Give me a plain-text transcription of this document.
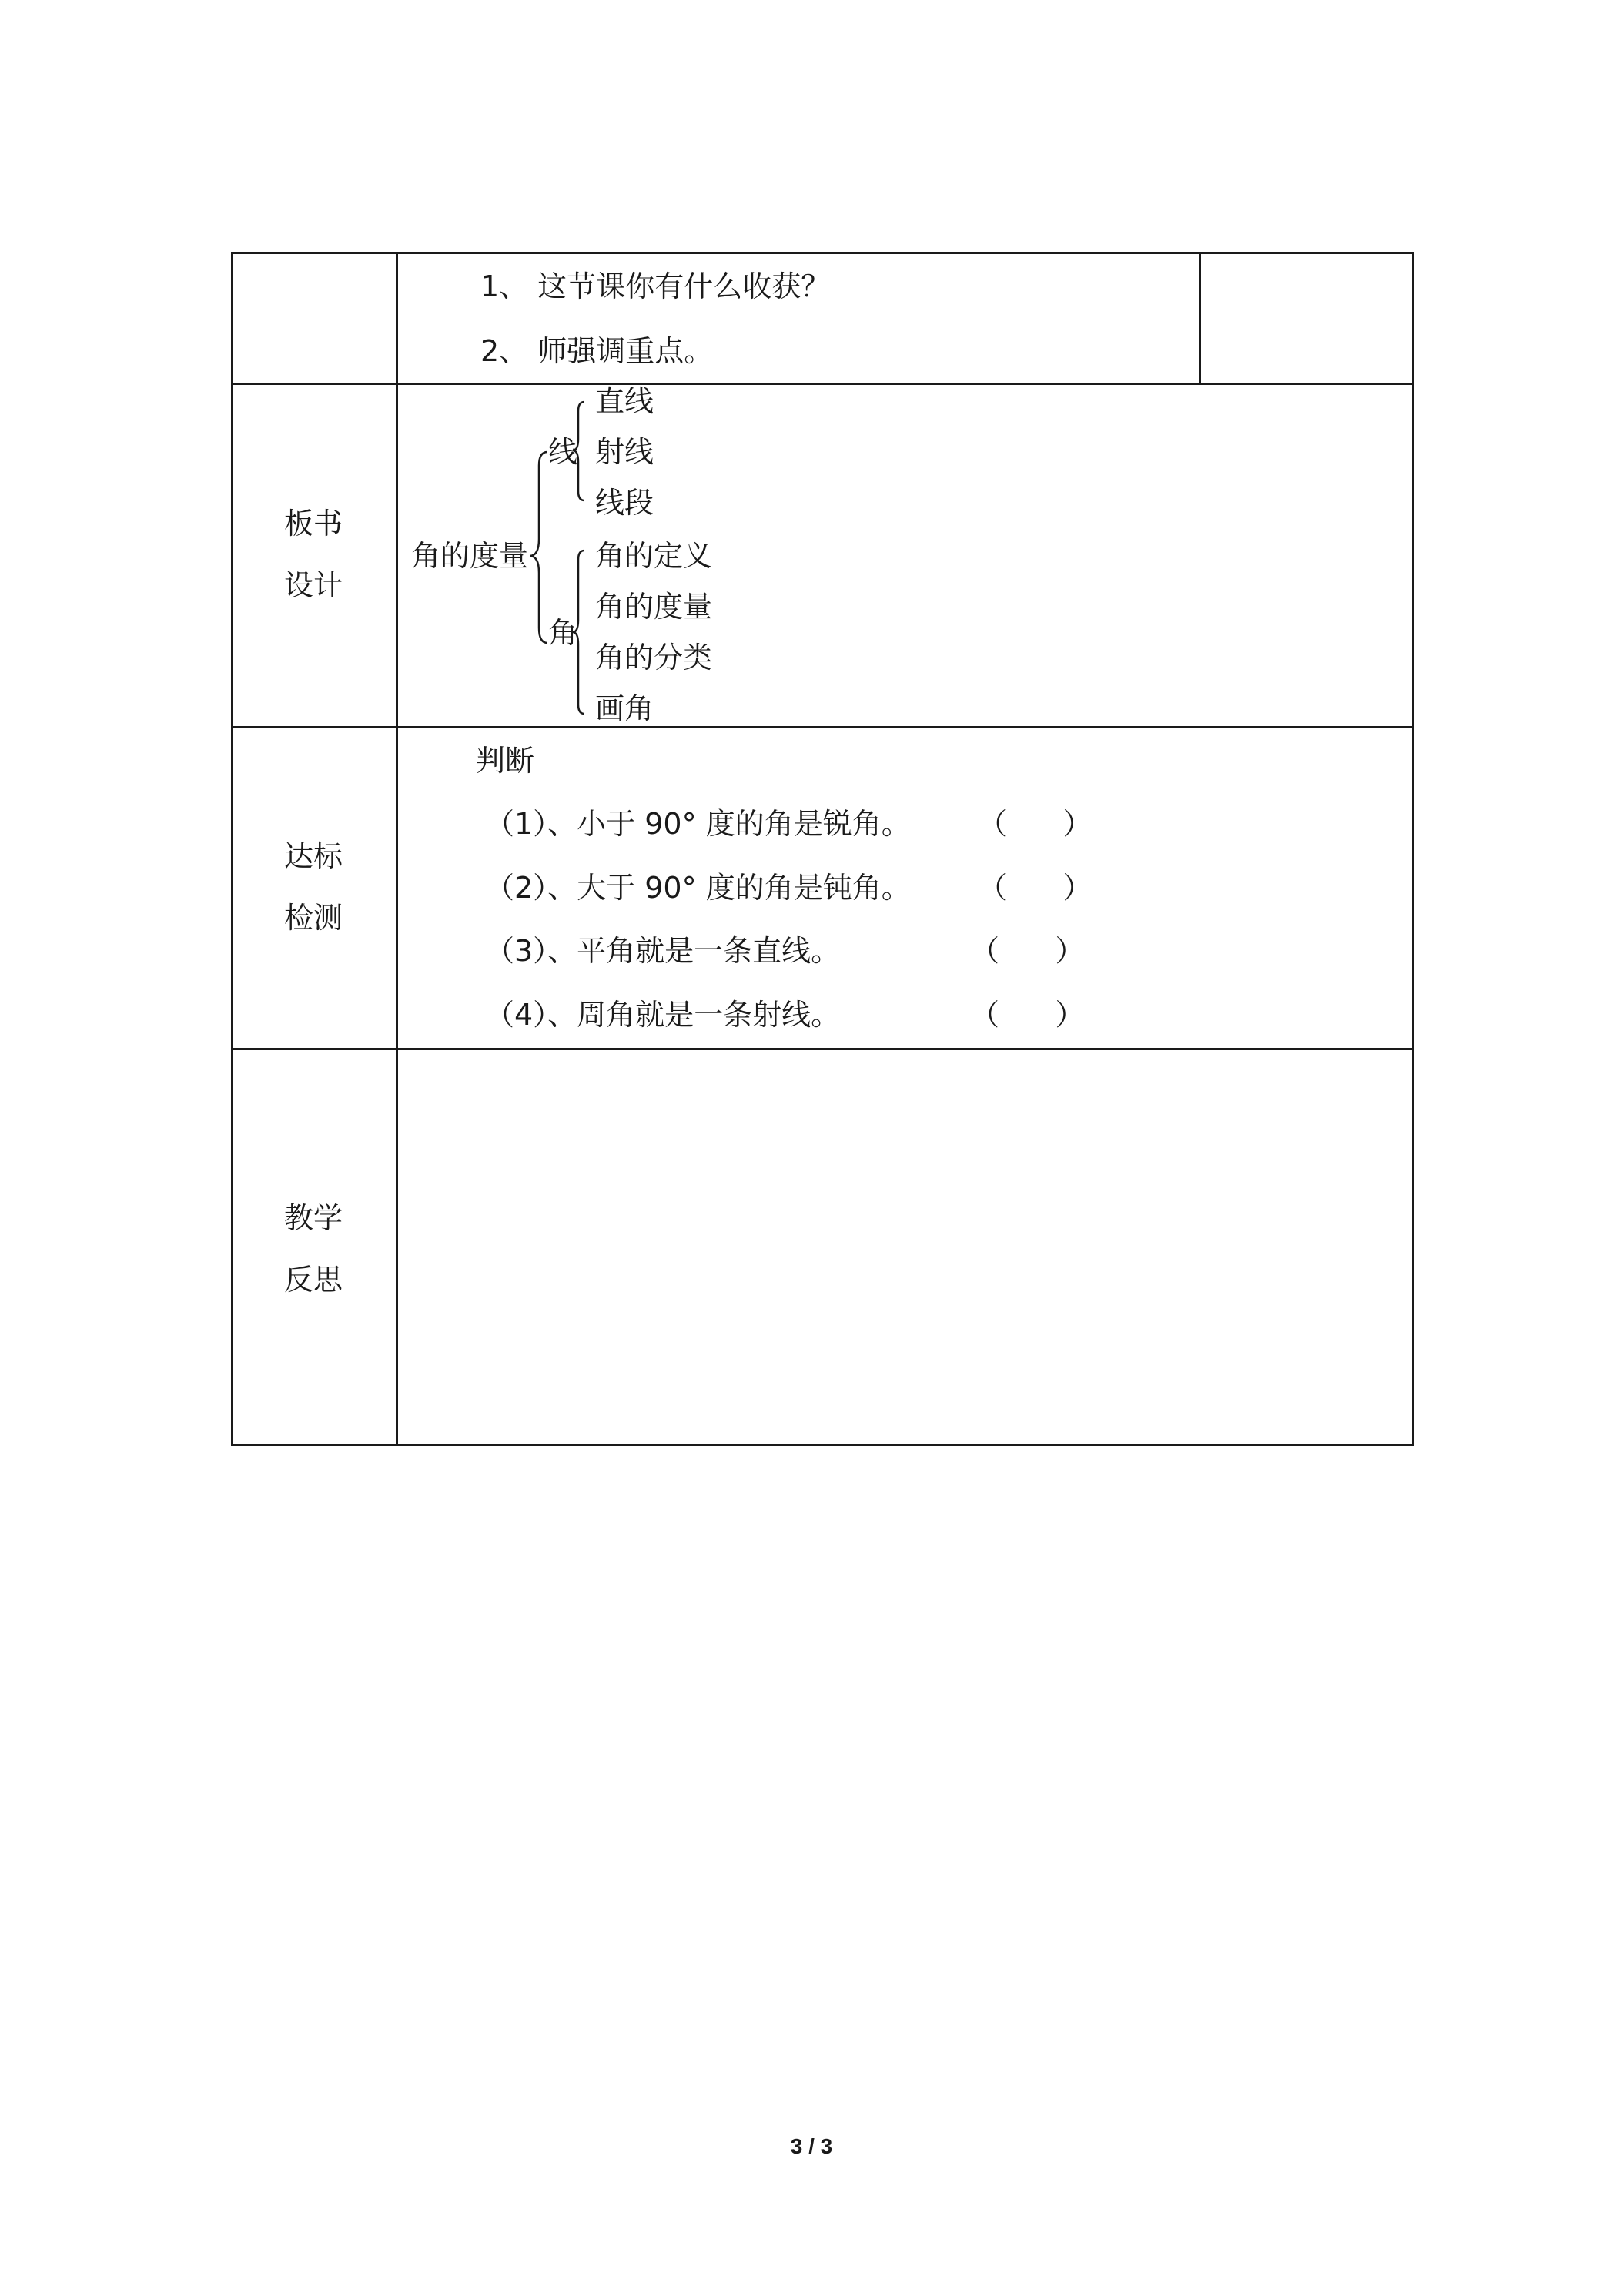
1、 这节课你有什么收获？
2、 师强调重点。
板书
设计
角的度量
线
直线
射线
线段
角
角的定义
角的度量
角的分类
画角
达标
检测
判断
（1）、小于 90° 度的角是锐角。 （      ）
（2）、大于 90° 度的角是钝角。 （      ）
（3）、平角就是一条直线。	（      ）
（4）、周角就是一条射线。	（      ）
教学
反思
3 / 3
